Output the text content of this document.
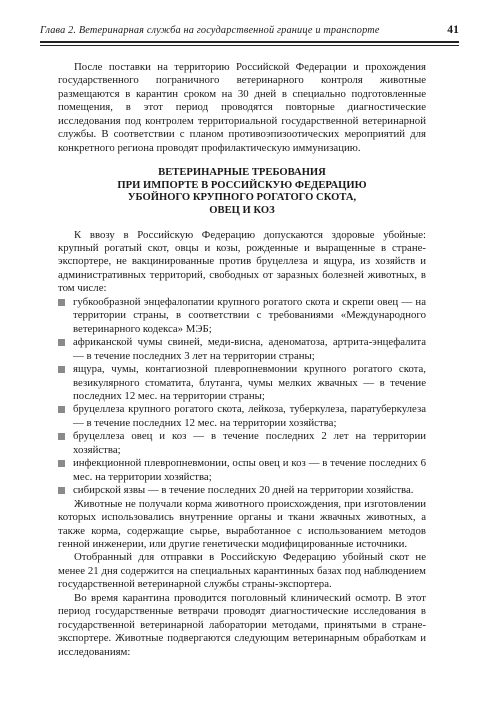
Глава 2. Ветеринарная служба на государственной границе и транспорте	41

После поставки на территорию Российской Федерации и прохождения государственного пограничного ветеринарного контроля животные размещаются в карантин сроком на 30 дней в специально подготовленные помещения, в этот период проводятся повторные диагностические исследования под контролем территориальной государственной ветеринарной службы. В соответствии с планом противоэпизоотических мероприятий для конкретного региона проводят профилактическую иммунизацию.

ВЕТЕРИНАРНЫЕ ТРЕБОВАНИЯ
ПРИ ИМПОРТЕ В РОССИЙСКУЮ ФЕДЕРАЦИЮ
УБОЙНОГО КРУПНОГО РОГАТОГО СКОТА,
ОВЕЦ И КОЗ

К ввозу в Российскую Федерацию допускаются здоровые убойные: крупный рогатый скот, овцы и козы, рожденные и выращенные в стране-экспортере, не вакцинированные против бруцеллеза и ящура, из хозяйств и административных территорий, свободных от заразных болезней животных, в том числе:

губкообразной энцефалопатии крупного рогатого скота и скрепи овец — на территории страны, в соответствии с требованиями «Международного ветеринарного кодекса» МЭБ;
африканской чумы свиней, меди-висна, аденоматоза, артрита-энцефалита — в течение последних 3 лет на территории страны;
ящура, чумы, контагиозной плевропневмонии крупного рогатого скота, везикулярного стоматита, блутанга, чумы мелких жвачных — в течение последних 12 мес. на территории страны;
бруцеллеза крупного рогатого скота, лейкоза, туберкулеза, паратуберкулеза — в течение последних 12 мес. на территории хозяйства;
бруцеллеза овец и коз — в течение последних 2 лет на территории хозяйства;
инфекционной плевропневмонии, оспы овец и коз — в течение последних 6 мес. на территории хозяйства;
сибирской язвы — в течение последних 20 дней на территории хозяйства.

Животные не получали корма животного происхождения, при изготовлении которых использовались внутренние органы и ткани жвачных животных, а также корма, содержащие сырье, выработанное с использованием методов генной инженерии, или другие генетически модифицированные источники.

Отобранный для отправки в Российскую Федерацию убойный скот не менее 21 дня содержится на специальных карантинных базах под наблюдением государственной ветеринарной службы страны-экспортера.

Во время карантина проводится поголовный клинический осмотр. В этот период государственные ветврачи проводят диагностические исследования в государственной ветеринарной лаборатории методами, принятыми в стране-экспортере. Животные подвергаются следующим ветеринарным обработкам и исследованиям:
